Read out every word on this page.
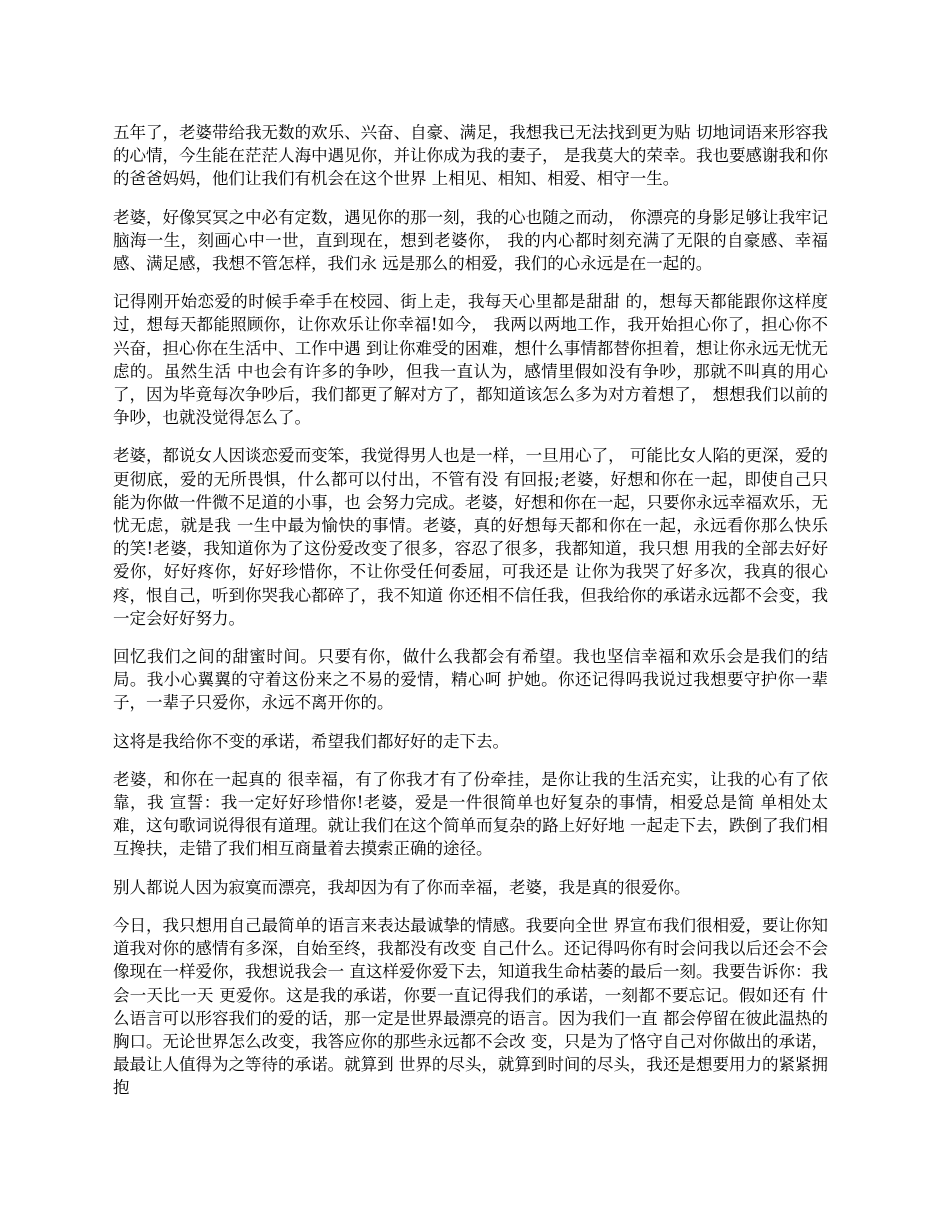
五年了，老婆带给我无数的欢乐、兴奋、自豪、满足，我想我已无法找到更为贴 切地词语来形容我的心情，今生能在茫茫人海中遇见你，并让你成为我的妻子， 是我莫大的荣幸。我也要感谢我和你的爸爸妈妈，他们让我们有机会在这个世界 上相见、相知、相爱、相守一生。

老婆，好像冥冥之中必有定数，遇见你的那一刻，我的心也随之而动， 你漂亮的身影足够让我牢记脑海一生，刻画心中一世，直到现在，想到老婆你， 我的内心都时刻充满了无限的自豪感、幸福感、满足感，我想不管怎样，我们永 远是那么的相爱，我们的心永远是在一起的。

记得刚开始恋爱的时候手牵手在校园、街上走，我每天心里都是甜甜 的，想每天都能跟你这样度过，想每天都能照顾你，让你欢乐让你幸福!如今， 我两以两地工作，我开始担心你了，担心你不兴奋，担心你在生活中、工作中遇 到让你难受的困难，想什么事情都替你担着，想让你永远无忧无虑的。虽然生活 中也会有许多的争吵，但我一直认为，感情里假如没有争吵，那就不叫真的用心 了，因为毕竟每次争吵后，我们都更了解对方了，都知道该怎么多为对方着想了， 想想我们以前的争吵，也就没觉得怎么了。

老婆，都说女人因谈恋爱而变笨，我觉得男人也是一样，一旦用心了， 可能比女人陷的更深，爱的更彻底，爱的无所畏惧，什么都可以付出，不管有没 有回报;老婆，好想和你在一起，即使自己只能为你做一件微不足道的小事，也 会努力完成。老婆，好想和你在一起，只要你永远幸福欢乐，无忧无虑，就是我 一生中最为愉快的事情。老婆，真的好想每天都和你在一起，永远看你那么快乐 的笑!老婆，我知道你为了这份爱改变了很多，容忍了很多，我都知道，我只想 用我的全部去好好爱你，好好疼你，好好珍惜你，不让你受任何委屈，可我还是 让你为我哭了好多次，我真的很心疼，恨自己，听到你哭我心都碎了，我不知道 你还相不信任我，但我给你的承诺永远都不会变，我一定会好好努力。

回忆我们之间的甜蜜时间。只要有你，做什么我都会有希望。我也坚信幸福和欢乐会是我们的结局。我小心翼翼的守着这份来之不易的爱情，精心呵 护她。你还记得吗我说过我想要守护你一辈子，一辈子只爱你，永远不离开你的。

这将是我给你不变的承诺，希望我们都好好的走下去。

老婆，和你在一起真的 很幸福，有了你我才有了份牵挂，是你让我的生活充实，让我的心有了依靠，我 宣誓：我一定好好珍惜你!老婆，爱是一件很简单也好复杂的事情，相爱总是简 单相处太难，这句歌词说得很有道理。就让我们在这个简单而复杂的路上好好地 一起走下去，跌倒了我们相互搀扶，走错了我们相互商量着去摸索正确的途径。

别人都说人因为寂寞而漂亮，我却因为有了你而幸福，老婆，我是真的很爱你。

今日，我只想用自己最简单的语言来表达最诚挚的情感。我要向全世 界宣布我们很相爱，要让你知道我对你的感情有多深，自始至终，我都没有改变 自己什么。还记得吗你有时会问我以后还会不会像现在一样爱你，我想说我会一 直这样爱你爱下去，知道我生命枯萎的最后一刻。我要告诉你：我会一天比一天 更爱你。这是我的承诺，你要一直记得我们的承诺，一刻都不要忘记。假如还有 什么语言可以形容我们的爱的话，那一定是世界最漂亮的语言。因为我们一直 都会停留在彼此温热的胸口。无论世界怎么改变，我答应你的那些永远都不会改 变，只是为了恪守自己对你做出的承诺，最最让人值得为之等待的承诺。就算到 世界的尽头，就算到时间的尽头，我还是想要用力的紧紧拥抱
